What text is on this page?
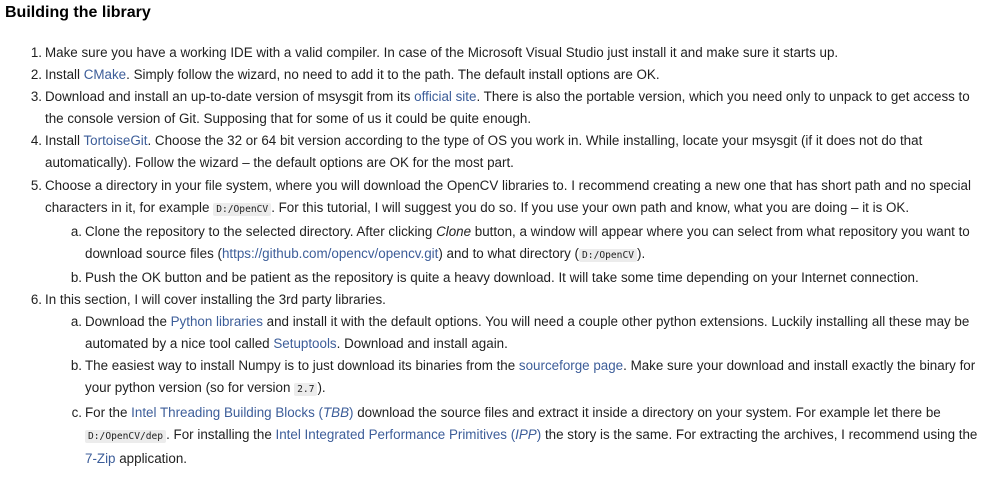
Building the library
1. Make sure you have a working IDE with a valid compiler. In case of the Microsoft Visual Studio just install it and make sure it starts up.
2. Install CMake. Simply follow the wizard, no need to add it to the path. The default install options are OK.
3. Download and install an up-to-date version of msysgit from its official site. There is also the portable version, which you need only to unpack to get access to the console version of Git. Supposing that for some of us it could be quite enough.
4. Install TortoiseGit. Choose the 32 or 64 bit version according to the type of OS you work in. While installing, locate your msysgit (if it does not do that automatically). Follow the wizard – the default options are OK for the most part.
5. Choose a directory in your file system, where you will download the OpenCV libraries to. I recommend creating a new one that has short path and no special characters in it, for example D:/OpenCV . For this tutorial, I will suggest you do so. If you use your own path and know, what you are doing – it is OK.
a. Clone the repository to the selected directory. After clicking Clone button, a window will appear where you can select from what repository you want to download source files (https://github.com/opencv/opencv.git) and to what directory ( D:/OpenCV ).
b. Push the OK button and be patient as the repository is quite a heavy download. It will take some time depending on your Internet connection.
6. In this section, I will cover installing the 3rd party libraries.
a. Download the Python libraries and install it with the default options. You will need a couple other python extensions. Luckily installing all these may be automated by a nice tool called Setuptools. Download and install again.
b. The easiest way to install Numpy is to just download its binaries from the sourceforge page. Make sure your download and install exactly the binary for your python version (so for version 2.7 ).
c. For the Intel Threading Building Blocks (TBB) download the source files and extract it inside a directory on your system. For example let there be D:/OpenCV/dep . For installing the Intel Integrated Performance Primitives (IPP) the story is the same. For extracting the archives, I recommend using the 7-Zip application.
